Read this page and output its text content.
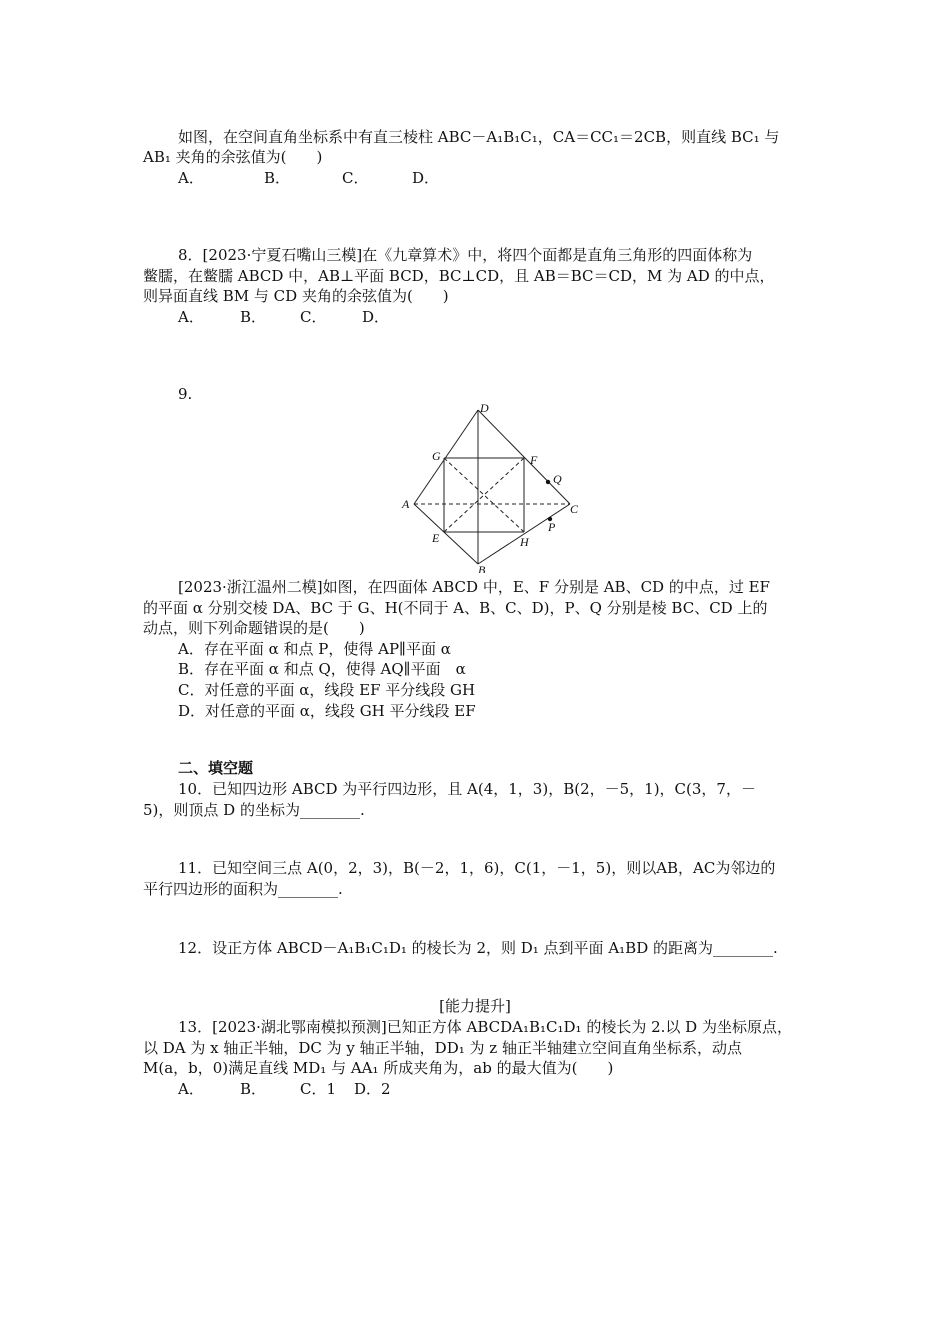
如图，在空间直角坐标系中有直三棱柱 ABC－A₁B₁C₁，CA＝CC₁＝2CB，则直线 BC₁ 与
AB₁ 夹角的余弦值为(　　)
A．	B．	C．	D．
8．[2023·宁夏石嘴山三模]在《九章算术》中，将四个面都是直角三角形的四面体称为
鳖臑，在鳖臑 ABCD 中，AB⊥平面 BCD，BC⊥CD，且 AB＝BC＝CD，M 为 AD 的中点，
则异面直线 BM 与 CD 夹角的余弦值为(　　)
A． B． C． D．
9.
D
G	F
Q
A	C
P
E	H
B
[2023·浙江温州二模]如图，在四面体 ABCD 中，E、F 分别是 AB、CD 的中点，过 EF
的平面 α 分别交棱 DA、BC 于 G、H(不同于 A、B、C、D)，P、Q 分别是棱 BC、CD 上的
动点，则下列命题错误的是(　　)
A．存在平面 α 和点 P，使得 AP∥平面 α
B．存在平面 α 和点 Q，使得 AQ∥平面　α
C．对任意的平面 α，线段 EF 平分线段 GH
D．对任意的平面 α，线段 GH 平分线段 EF
二、填空题
10．已知四边形 ABCD 为平行四边形，且 A(4，1，3)，B(2，－5，1)，C(3，7，－
5)，则顶点 D 的坐标为________.
11．已知空间三点 A(0，2，3)，B(－2，1，6)，C(1，－1，5)，则以AB，AC为邻边的
平行四边形的面积为________.
12．设正方体 ABCD－A₁B₁C₁D₁ 的棱长为 2，则 D₁ 点到平面 A₁BD 的距离为________.
[能力提升]
13．[2023·湖北鄂南模拟预测]已知正方体 ABCDA₁B₁C₁D₁ 的棱长为 2.以 D 为坐标原点，
以 DA 为 x 轴正半轴，DC 为 y 轴正半轴，DD₁ 为 z 轴正半轴建立空间直角坐标系，动点
M(a，b，0)满足直线 MD₁ 与 AA₁ 所成夹角为，ab 的最大值为(　　)
A． B． C．1 D．2
